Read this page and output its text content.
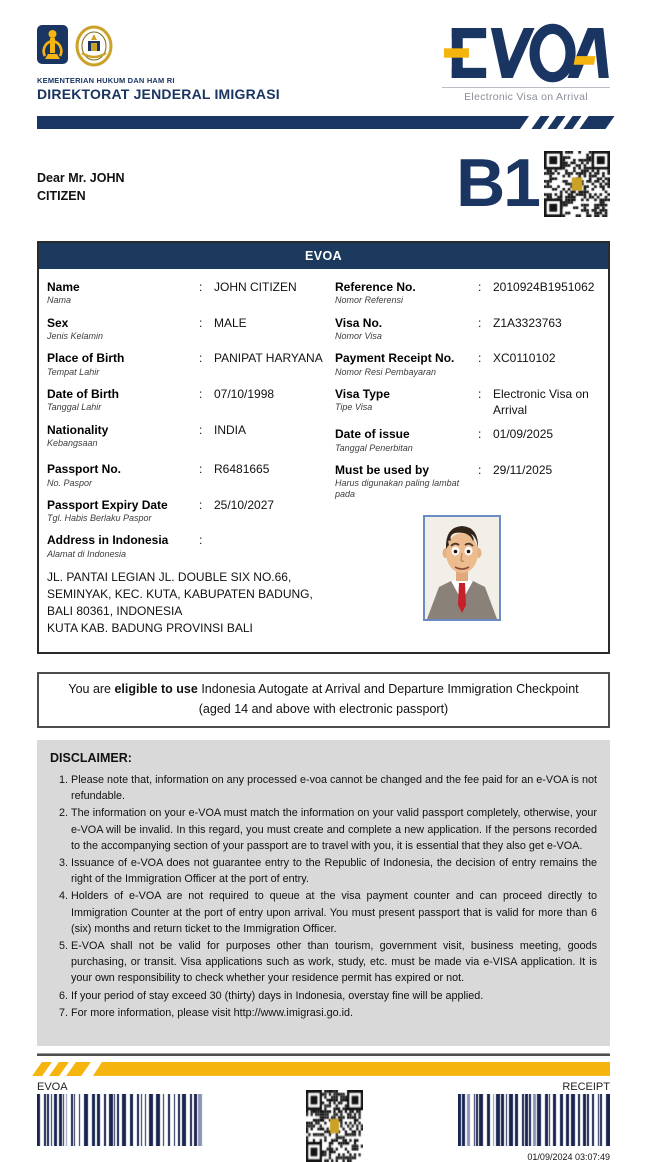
KEMENTERIAN HUKUM DAN HAM RI
DIREKTORAT JENDERAL IMIGRASI	Electronic Visa on Arrival
Dear Mr. JOHN
CITIZEN	B1
EVOA
Name
Nama
: JOHN CITIZEN
Sex
Jenis Kelamin
: MALE
Place of Birth
Tempat Lahir
: PANIPAT HARYANA
Date of Birth
Tanggal Lahir
: 07/10/1998
Nationality
Kebangsaan
: INDIA
Passport No.
No. Paspor
: R6481665
Passport Expiry Date
Tgl. Habis Berlaku Paspor
: 25/10/2027
Address in Indonesia
Alamat di Indonesia
:
JL. PANTAI LEGIAN JL. DOUBLE SIX NO.66,
SEMINYAK, KEC. KUTA, KABUPATEN BADUNG,
BALI 80361, INDONESIA
KUTA KAB. BADUNG PROVINSI BALI
Reference No.
Nomor Referensi
: 2010924B1951062
Visa No.
Nomor Visa
: Z1A3323763
Payment Receipt No.
Nomor Resi Pembayaran
: XC0110102
Visa Type
Tipe Visa
: Electronic Visa on Arrival
Date of issue
Tanggal Penerbitan
: 01/09/2025
Must be used by
Harus digunakan paling lambat pada
: 29/11/2025
You are eligible to use Indonesia Autogate at Arrival and Departure Immigration Checkpoint
(aged 14 and above with electronic passport)
DISCLAIMER:
1. Please note that, information on any processed e-voa cannot be changed and the fee paid for an e-VOA is not refundable.
2. The information on your e-VOA must match the information on your valid passport completely, otherwise, your e-VOA will be invalid. In this regard, you must create and complete a new application. If the persons recorded to the accompanying section of your passport are to travel with you, it is essential that they also get e-VOA.
3. Issuance of e-VOA does not guarantee entry to the Republic of Indonesia, the decision of entry remains the right of the Immigration Officer at the port of entry.
4. Holders of e-VOA are not required to queue at the visa payment counter and can proceed directly to Immigration Counter at the port of entry upon arrival. You must present passport that is valid for more than 6 (six) months and return ticket to the Immigration Officer.
5. E-VOA shall not be valid for purposes other than tourism, government visit, business meeting, goods purchasing, or transit. Visa applications such as work, study, etc. must be made via e-VISA application. It is your own responsibility to check whether your residence permit has expired or not.
6. If your period of stay exceed 30 (thirty) days in Indonesia, overstay fine will be applied.
7. For more information, please visit http://www.imigrasi.go.id.
EVOA	RECEIPT
01/09/2024 03:07:49
